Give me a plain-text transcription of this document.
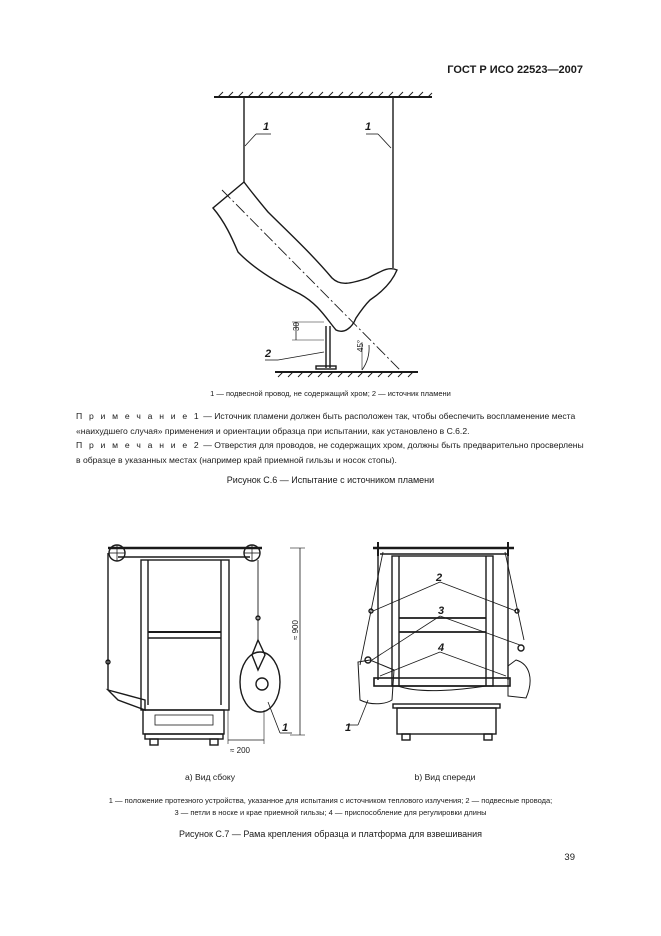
ГОСТ Р ИСО 22523—2007
1	1
2
30
45°
1 — подвесной провод, не содержащий хром; 2 — источник пламени
П р и м е ч а н и е 1 — Источник пламени должен быть расположен так, чтобы обеспечить воспламенение места «наихудшего случая» применения и ориентации образца при испытании, как установлено в С.6.2.
П р и м е ч а н и е 2 — Отверстия для проводов, не содержащих хром, должны быть предварительно просверлены в образце в указанных местах (например край приемной гильзы и носок стопы).
Рисунок С.6 — Испытание с источником пламени
≈ 900
≈ 200
1
2
3
4
1
а) Вид сбоку	b) Вид спереди
1 — положение протезного устройства, указанное для испытания с источником теплового излучения; 2 — подвесные провода;
3 — петли в носке и крае приемной гильзы; 4 — приспособление для регулировки длины
Рисунок С.7 — Рама крепления образца и платформа для взвешивания
39
